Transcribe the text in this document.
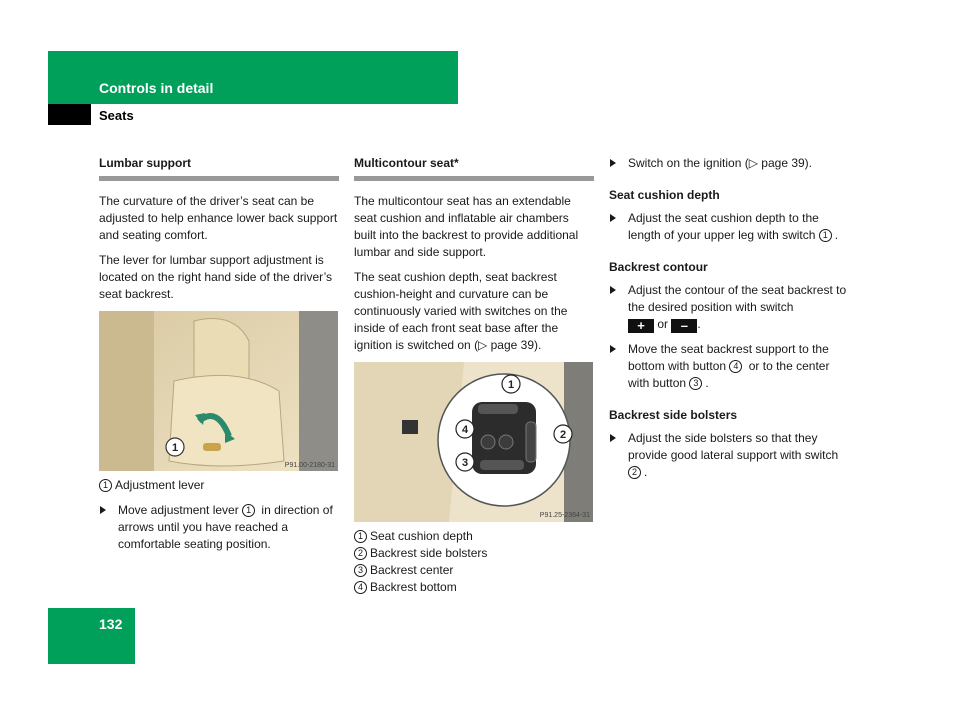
Controls in detail
Seats
Lumbar support

The curvature of the driver’s seat can be adjusted to help enhance lower back support and seating comfort.

The lever for lumbar support adjustment is located on the right hand side of the driver’s seat backrest.

1
P91.00-2180-31
1 Adjustment lever
Move adjustment lever 1 in direction of arrows until you have reached a comfortable seating position.
Multicontour seat*

The multicontour seat has an extendable seat cushion and inflatable air chambers built into the backrest to provide additional lumbar and side support.

The seat cushion depth, seat backrest cushion-height and curvature can be continuously varied with switches on the inside of each front seat base after the ignition is switched on (▷ page 39).

1
2
3
4
P91.25-2364-31
1 Seat cushion depth
2 Backrest side bolsters
3 Backrest center
4 Backrest bottom
Switch on the ignition (▷ page 39).
Seat cushion depth
Adjust the seat cushion depth to the length of your upper leg with switch 1 .
Backrest contour
Adjust the contour of the seat backrest to the desired position with switch
+ or – .
Move the seat backrest support to the bottom with button 4 or to the center with button 3 .
Backrest side bolsters
Adjust the side bolsters so that they provide good lateral support with switch 2 .
132
